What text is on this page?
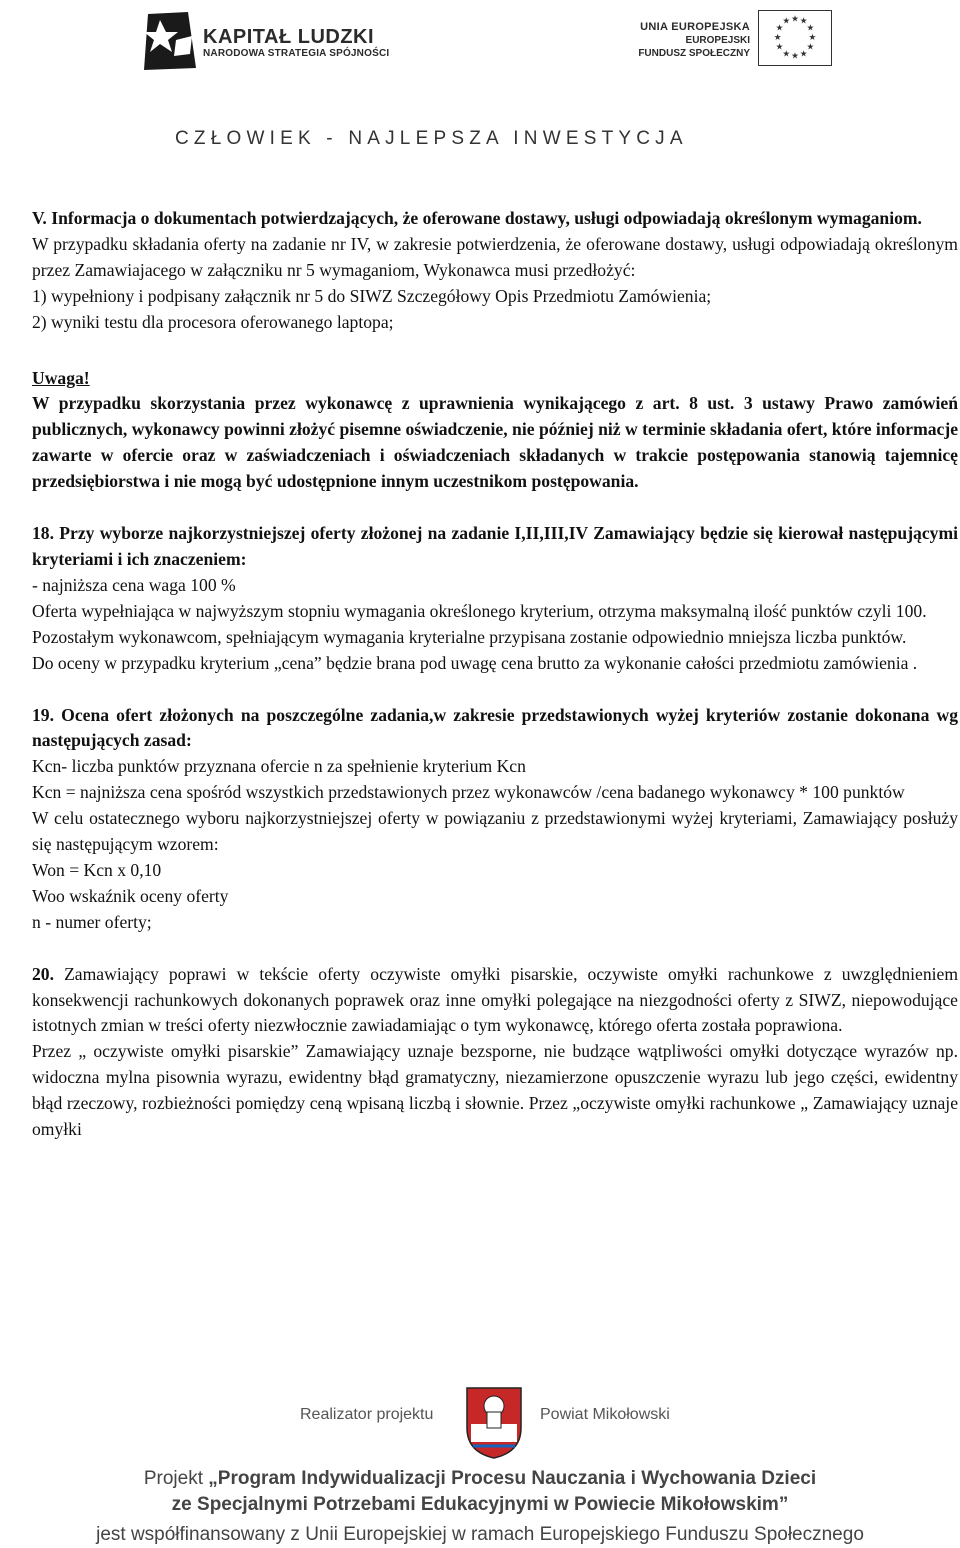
KAPITAŁ LUDZKI
NARODOWA STRATEGIA SPÓJNOŚCI
UNIA EUROPEJSKA
EUROPEJSKI
FUNDUSZ SPOŁECZNY
★ ★
★
★
★
★
★
★
★
★
★
★
CZŁOWIEK - NAJLEPSZA INWESTYCJA

V. Informacja o dokumentach potwierdzających, że oferowane dostawy, usługi odpowiadają określonym wymaganiom.

W przypadku składania oferty na zadanie nr IV, w zakresie potwierdzenia, że oferowane dostawy, usługi odpowiadają określonym przez Zamawiajacego w załączniku nr 5 wymaganiom, Wykonawca musi przedłożyć:

1) wypełniony i podpisany załącznik nr 5 do SIWZ Szczegółowy Opis Przedmiotu Zamówienia;

2) wyniki testu dla procesora oferowanego laptopa;

Uwaga!

W przypadku skorzystania przez wykonawcę z uprawnienia wynikającego z art. 8 ust. 3 ustawy Prawo zamówień publicznych, wykonawcy powinni złożyć pisemne oświadczenie, nie później niż w terminie składania ofert, które informacje zawarte w ofercie oraz w zaświadczeniach i oświadczeniach składanych w trakcie postępowania stanowią tajemnicę przedsiębiorstwa i nie mogą być udostępnione innym uczestnikom postępowania.

18. Przy wyborze najkorzystniejszej oferty złożonej na zadanie I,II,III,IV Zamawiający będzie się kierował następującymi kryteriami i ich znaczeniem:

- najniższa cena waga 100 %

Oferta wypełniająca w najwyższym stopniu wymagania określonego kryterium, otrzyma maksymalną ilość punktów czyli 100.

Pozostałym wykonawcom, spełniającym wymagania kryterialne przypisana zostanie odpowiednio mniejsza liczba punktów.

Do oceny w przypadku kryterium „cena” będzie brana pod uwagę cena brutto za wykonanie całości przedmiotu zamówienia .

19. Ocena ofert złożonych na poszczególne zadania,w zakresie przedstawionych wyżej kryteriów zostanie dokonana wg następujących zasad:

Kcn- liczba punktów przyznana ofercie n za spełnienie kryterium Kcn

Kcn = najniższa cena spośród wszystkich przedstawionych przez wykonawców /cena badanego wykonawcy * 100 punktów

W celu ostatecznego wyboru najkorzystniejszej oferty w powiązaniu z przedstawionymi wyżej kryteriami, Zamawiający posłuży się następującym wzorem:

Won = Kcn x 0,10

Woo wskaźnik oceny oferty

n - numer oferty;

20. Zamawiający poprawi w tekście oferty oczywiste omyłki pisarskie, oczywiste omyłki rachunkowe z uwzględnieniem konsekwencji rachunkowych dokonanych poprawek oraz inne omyłki polegające na niezgodności oferty z SIWZ, niepowodujące istotnych zmian w treści oferty niezwłocznie zawiadamiając o tym wykonawcę, którego oferta została poprawiona.

Przez „ oczywiste omyłki pisarskie” Zamawiający uznaje bezsporne, nie budzące wątpliwości omyłki dotyczące wyrazów np. widoczna mylna pisownia wyrazu, ewidentny błąd gramatyczny, niezamierzone opuszczenie wyrazu lub jego części, ewidentny błąd rzeczowy, rozbieżności pomiędzy ceną wpisaną liczbą i słownie. Przez „oczywiste omyłki rachunkowe „ Zamawiający uznaje omyłki

Realizator projektu	Powiat Mikołowski
Projekt „Program Indywidualizacji Procesu Nauczania i Wychowania Dzieci
ze Specjalnymi Potrzebami Edukacyjnymi w Powiecie Mikołowskim”
jest współfinansowany z Unii Europejskiej w ramach Europejskiego Funduszu Społecznego
